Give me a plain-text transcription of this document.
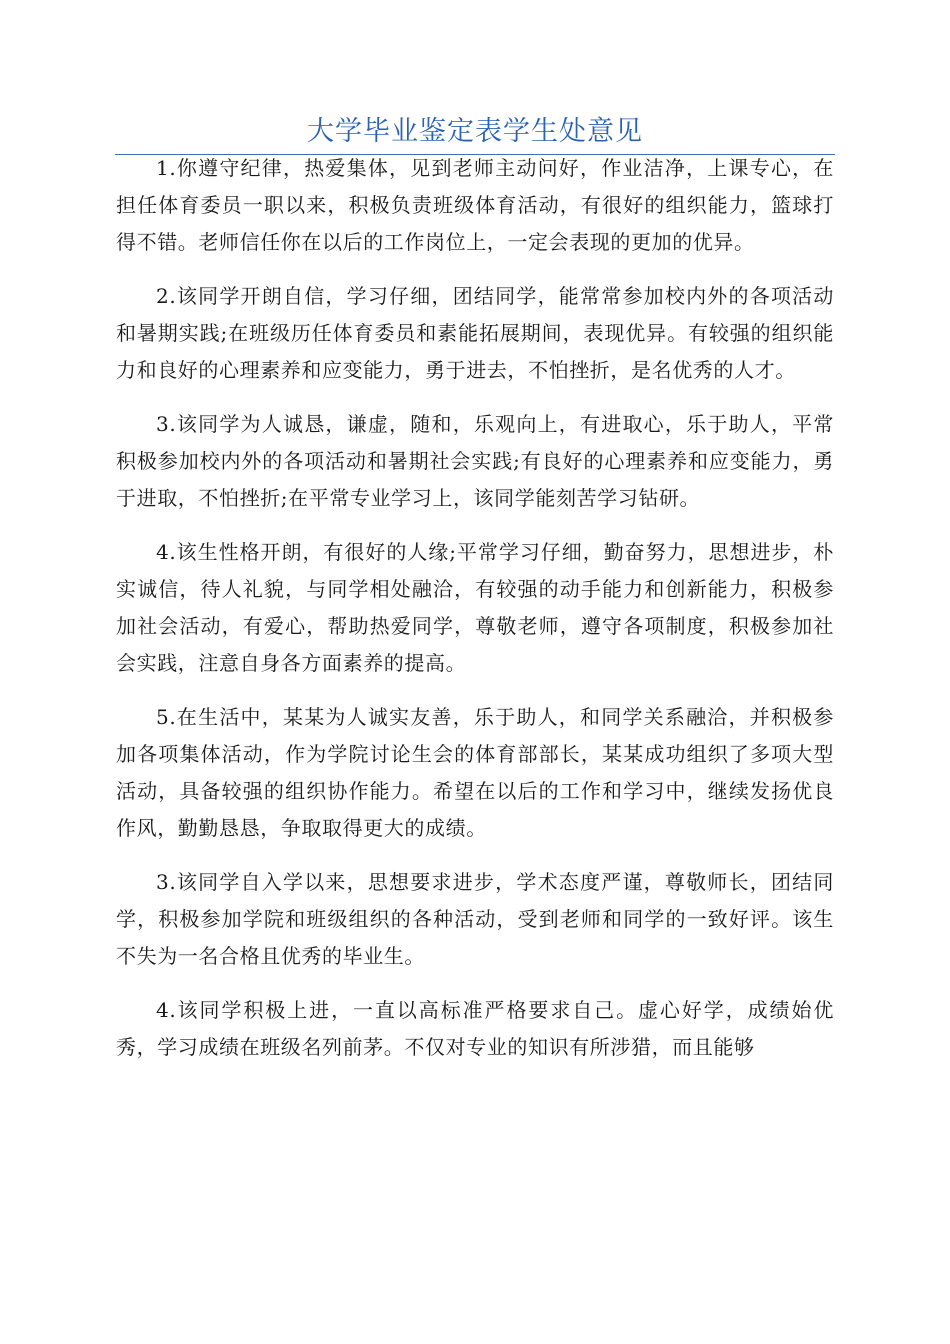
大学毕业鉴定表学生处意见

1.你遵守纪律，热爱集体，见到老师主动问好，作业洁净，上课专心，在担任体育委员一职以来，积极负责班级体育活动，有很好的组织能力，篮球打得不错。老师信任你在以后的工作岗位上，一定会表现的更加的优异。

2.该同学开朗自信，学习仔细，团结同学，能常常参加校内外的各项活动和暑期实践;在班级历任体育委员和素能拓展期间，表现优异。有较强的组织能力和良好的心理素养和应变能力，勇于进去，不怕挫折，是名优秀的人才。

3.该同学为人诚恳，谦虚，随和，乐观向上，有进取心，乐于助人，平常积极参加校内外的各项活动和暑期社会实践;有良好的心理素养和应变能力，勇于进取，不怕挫折;在平常专业学习上，该同学能刻苦学习钻研。

4.该生性格开朗，有很好的人缘;平常学习仔细，勤奋努力，思想进步，朴实诚信，待人礼貌，与同学相处融洽，有较强的动手能力和创新能力，积极参加社会活动，有爱心，帮助热爱同学，尊敬老师，遵守各项制度，积极参加社会实践，注意自身各方面素养的提高。

5.在生活中，某某为人诚实友善，乐于助人，和同学关系融洽，并积极参加各项集体活动，作为学院讨论生会的体育部部长，某某成功组织了多项大型活动，具备较强的组织协作能力。希望在以后的工作和学习中，继续发扬优良作风，勤勤恳恳，争取取得更大的成绩。

3.该同学自入学以来，思想要求进步，学术态度严谨，尊敬师长，团结同学，积极参加学院和班级组织的各种活动，受到老师和同学的一致好评。该生不失为一名合格且优秀的毕业生。

4.该同学积极上进，一直以高标准严格要求自己。虚心好学，成绩始优秀，学习成绩在班级名列前茅。不仅对专业的知识有所涉猎，而且能够
